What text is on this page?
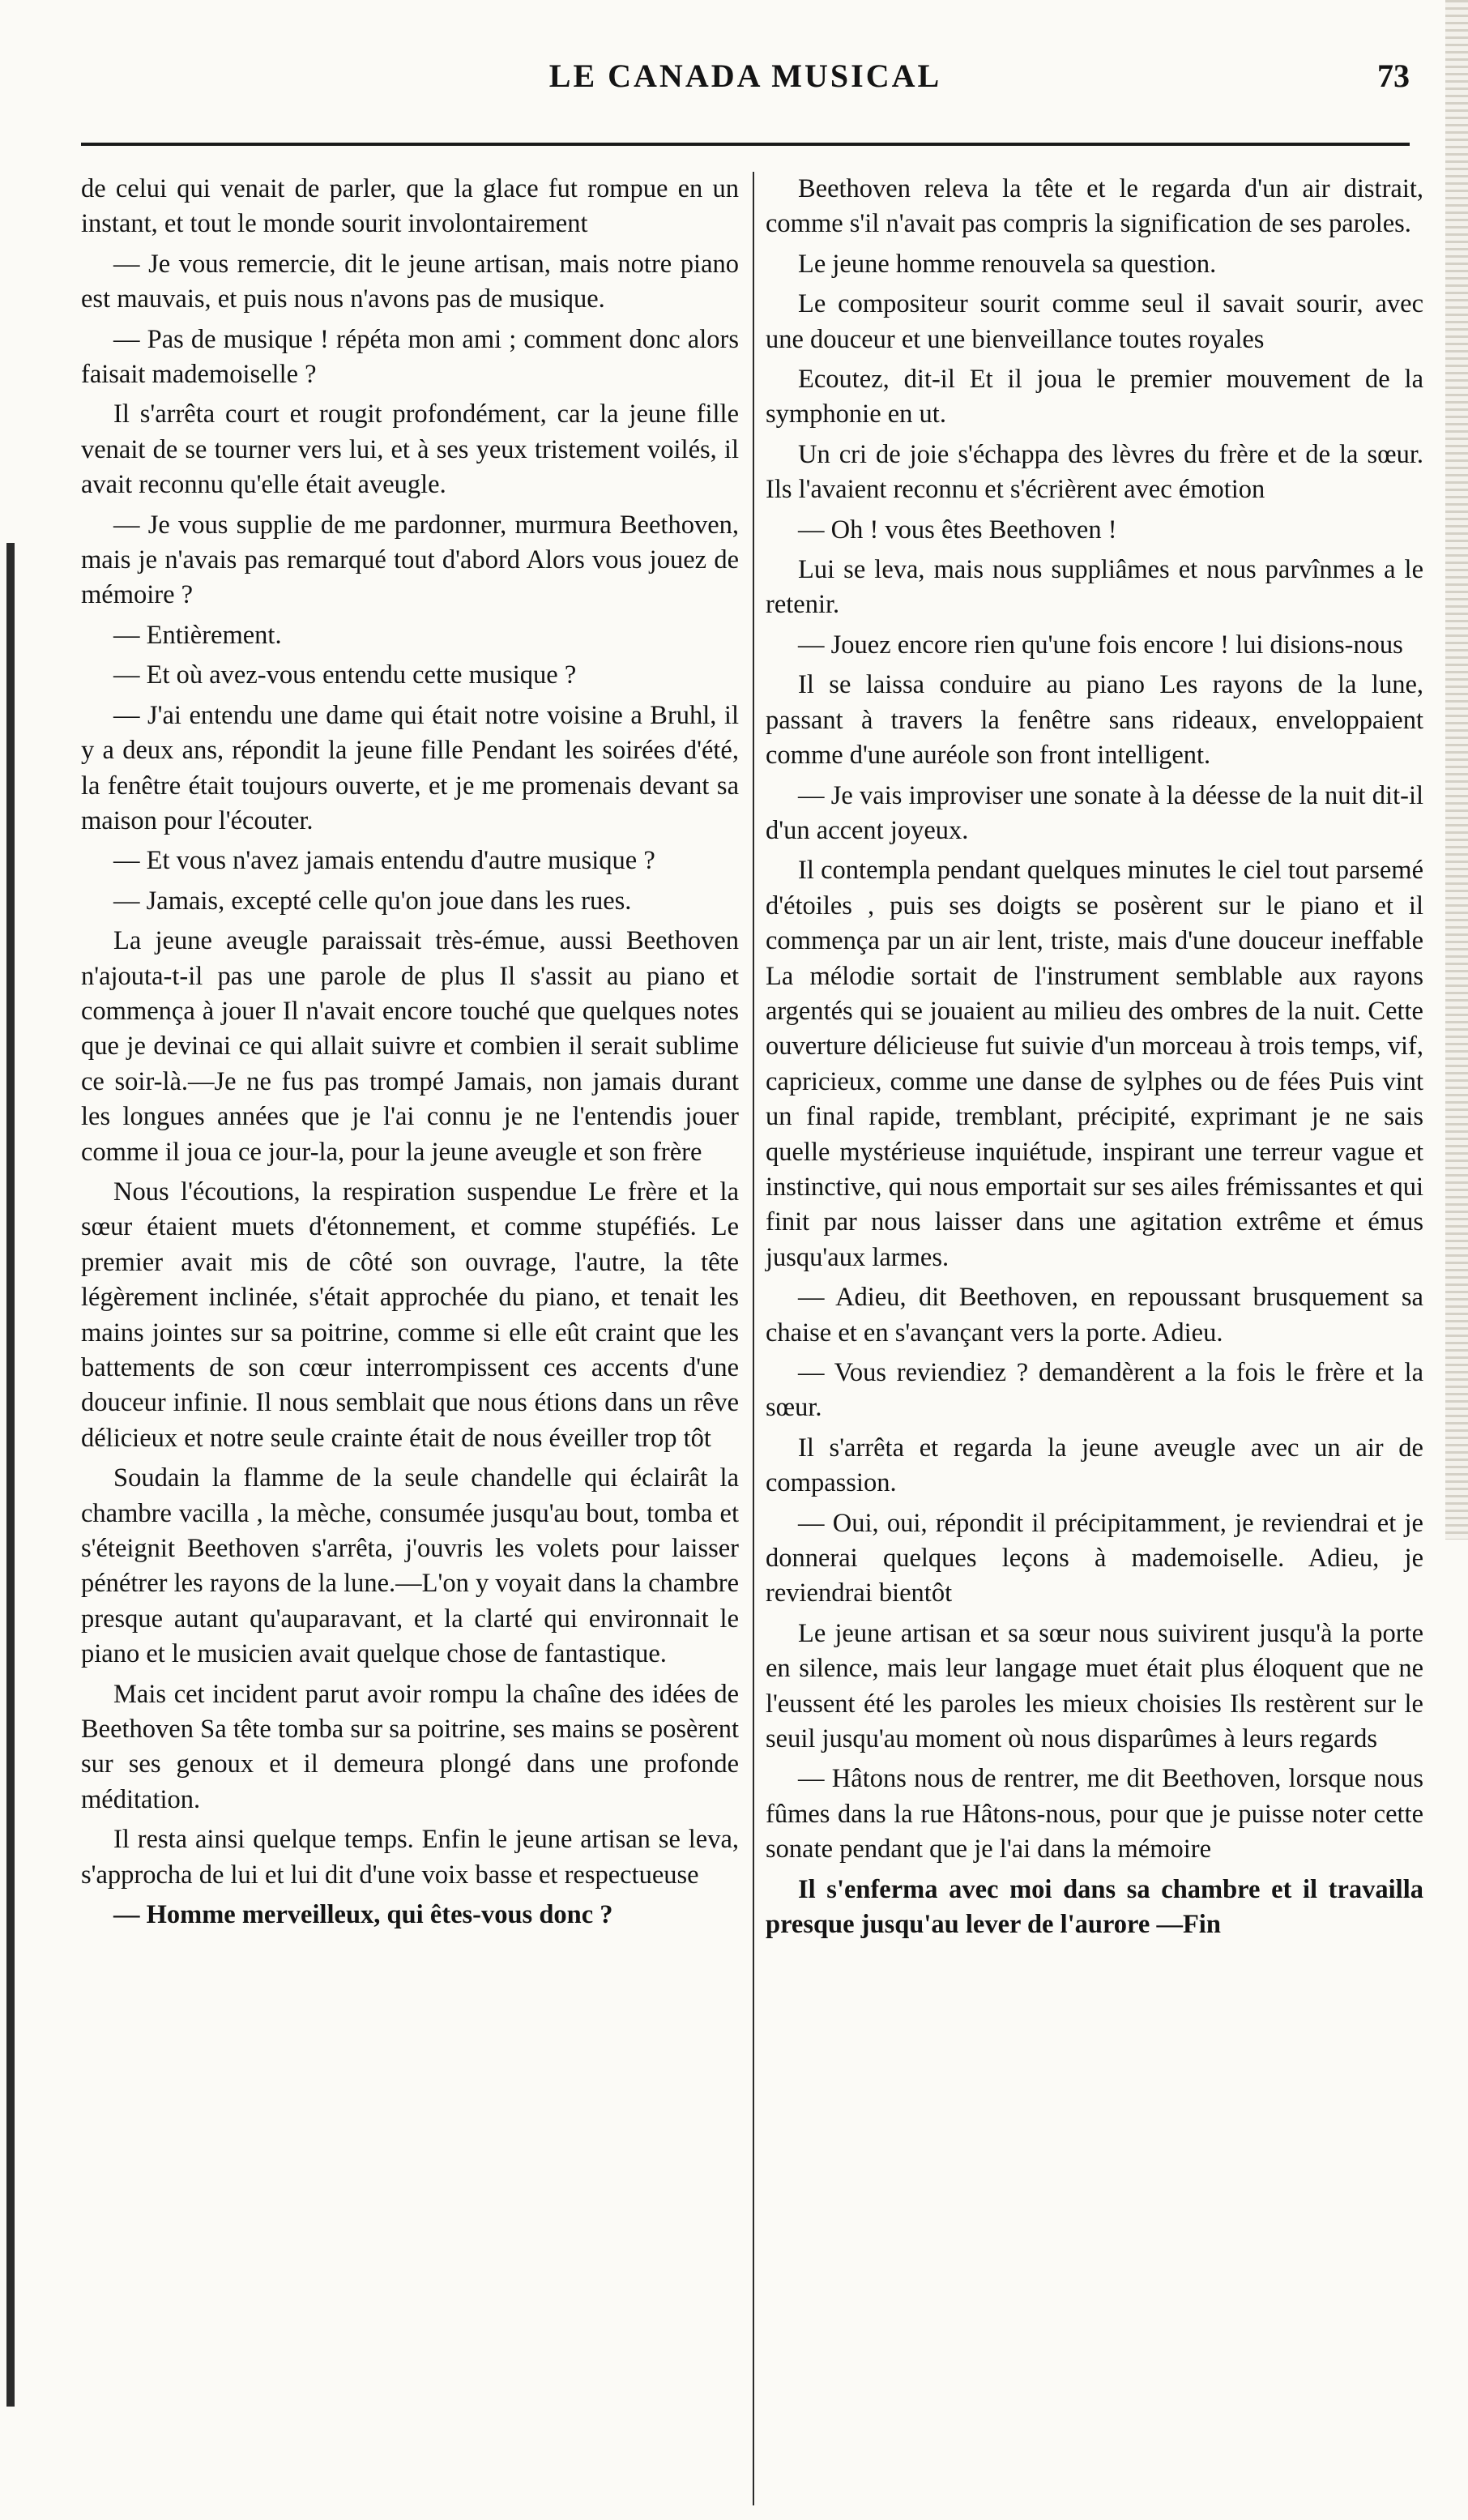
LE CANADA MUSICAL	73

de celui qui venait de parler, que la glace fut rompue en un instant, et tout le monde sourit involontairement

— Je vous remercie, dit le jeune artisan, mais notre piano est mauvais, et puis nous n'avons pas de musique.

— Pas de musique ! répéta mon ami ; comment donc alors faisait mademoiselle ?

Il s'arrêta court et rougit profondément, car la jeune fille venait de se tourner vers lui, et à ses yeux tristement voilés, il avait reconnu qu'elle était aveugle.

— Je vous supplie de me pardonner, murmura Beethoven, mais je n'avais pas remarqué tout d'abord Alors vous jouez de mémoire ?

— Entièrement.

— Et où avez-vous entendu cette musique ?

— J'ai entendu une dame qui était notre voisine a Bruhl, il y a deux ans, répondit la jeune fille Pendant les soirées d'été, la fenêtre était toujours ouverte, et je me promenais devant sa maison pour l'écouter.

— Et vous n'avez jamais entendu d'autre musique ?

— Jamais, excepté celle qu'on joue dans les rues.

La jeune aveugle paraissait très-émue, aussi Beethoven n'ajouta-t-il pas une parole de plus Il s'assit au piano et commença à jouer Il n'avait encore touché que quelques notes que je devinai ce qui allait suivre et combien il serait sublime ce soir-là.—Je ne fus pas trompé Jamais, non jamais durant les longues années que je l'ai connu je ne l'entendis jouer comme il joua ce jour-la, pour la jeune aveugle et son frère

Nous l'écoutions, la respiration suspendue Le frère et la sœur étaient muets d'étonnement, et comme stupéfiés. Le premier avait mis de côté son ouvrage, l'autre, la tête légèrement inclinée, s'était approchée du piano, et tenait les mains jointes sur sa poitrine, comme si elle eût craint que les battements de son cœur interrompissent ces accents d'une douceur infinie. Il nous semblait que nous étions dans un rêve délicieux et notre seule crainte était de nous éveiller trop tôt

Soudain la flamme de la seule chandelle qui éclairât la chambre vacilla , la mèche, consumée jusqu'au bout, tomba et s'éteignit Beethoven s'arrêta, j'ouvris les volets pour laisser pénétrer les rayons de la lune.—L'on y voyait dans la chambre presque autant qu'auparavant, et la clarté qui environnait le piano et le musicien avait quelque chose de fantastique.

Mais cet incident parut avoir rompu la chaîne des idées de Beethoven Sa tête tomba sur sa poitrine, ses mains se posèrent sur ses genoux et il demeura plongé dans une profonde méditation.

Il resta ainsi quelque temps. Enfin le jeune artisan se leva, s'approcha de lui et lui dit d'une voix basse et respectueuse

— Homme merveilleux, qui êtes-vous donc ?

Beethoven releva la tête et le regarda d'un air distrait, comme s'il n'avait pas compris la signification de ses paroles.

Le jeune homme renouvela sa question.

Le compositeur sourit comme seul il savait sourir, avec une douceur et une bienveillance toutes royales

Ecoutez, dit-il Et il joua le premier mouvement de la symphonie en ut.

Un cri de joie s'échappa des lèvres du frère et de la sœur. Ils l'avaient reconnu et s'écrièrent avec émotion

— Oh ! vous êtes Beethoven !

Lui se leva, mais nous suppliâmes et nous parvînmes a le retenir.

— Jouez encore rien qu'une fois encore ! lui disions-nous

Il se laissa conduire au piano Les rayons de la lune, passant à travers la fenêtre sans rideaux, enveloppaient comme d'une auréole son front intelligent.

— Je vais improviser une sonate à la déesse de la nuit dit-il d'un accent joyeux.

Il contempla pendant quelques minutes le ciel tout parsemé d'étoiles , puis ses doigts se posèrent sur le piano et il commença par un air lent, triste, mais d'une douceur ineffable La mélodie sortait de l'instrument semblable aux rayons argentés qui se jouaient au milieu des ombres de la nuit. Cette ouverture délicieuse fut suivie d'un morceau à trois temps, vif, capricieux, comme une danse de sylphes ou de fées Puis vint un final rapide, tremblant, précipité, exprimant je ne sais quelle mystérieuse inquiétude, inspirant une terreur vague et instinctive, qui nous emportait sur ses ailes frémissantes et qui finit par nous laisser dans une agitation extrême et émus jusqu'aux larmes.

— Adieu, dit Beethoven, en repoussant brusquement sa chaise et en s'avançant vers la porte. Adieu.

— Vous reviendiez ? demandèrent a la fois le frère et la sœur.

Il s'arrêta et regarda la jeune aveugle avec un air de compassion.

— Oui, oui, répondit il précipitamment, je reviendrai et je donnerai quelques leçons à mademoiselle. Adieu, je reviendrai bientôt

Le jeune artisan et sa sœur nous suivirent jusqu'à la porte en silence, mais leur langage muet était plus éloquent que ne l'eussent été les paroles les mieux choisies Ils restèrent sur le seuil jusqu'au moment où nous disparûmes à leurs regards

— Hâtons nous de rentrer, me dit Beethoven, lorsque nous fûmes dans la rue Hâtons-nous, pour que je puisse noter cette sonate pendant que je l'ai dans la mémoire

Il s'enferma avec moi dans sa chambre et il travailla presque jusqu'au lever de l'aurore —Fin
